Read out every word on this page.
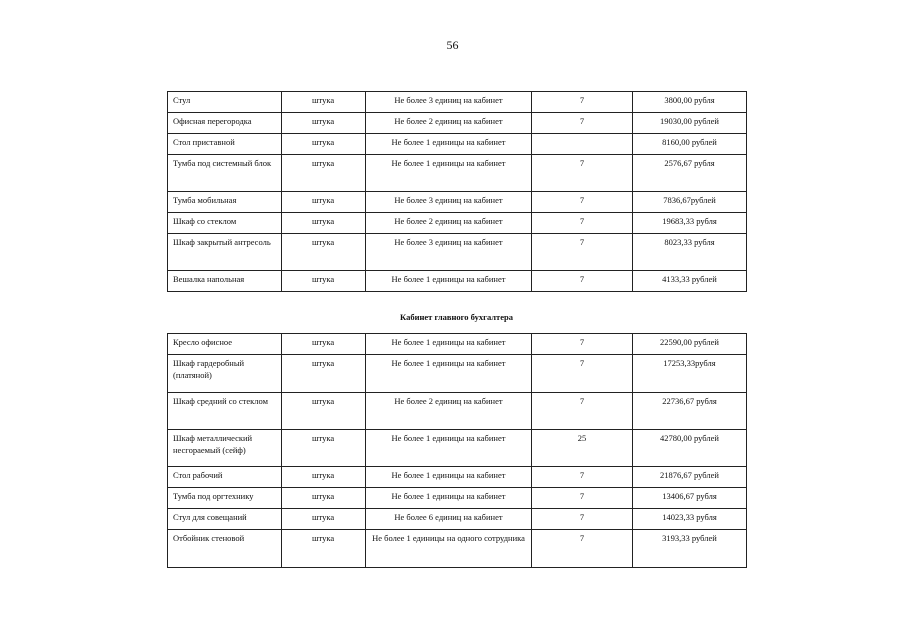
56
Стул	штука	Не более 3 единиц на кабинет	7	3800,00 рубля
Офисная перегородка	штука	Не более 2 единиц на кабинет	7	19030,00 рублей
Стол приставной	штука	Не более 1 единицы на кабинет		8160,00 рублей
Тумба под системный блок	штука	Не более 1 единицы на кабинет	7	2576,67 рубля
Тумба мобильная	штука	Не более 3 единиц на кабинет	7	7836,67рублей
Шкаф со стеклом	штука	Не более 2 единиц на кабинет	7	19683,33 рубля
Шкаф закрытый антресоль	штука	Не более 3 единиц на кабинет	7	8023,33 рубля
Вешалка напольная	штука	Не более 1 единицы на кабинет	7	4133,33 рублей
Кабинет главного бухгалтера
Кресло офисное	штука	Не более 1 единицы на кабинет	7	22590,00 рублей
Шкаф гардеробный (платяной)	штука	Не более 1 единицы на кабинет	7	17253,33рубля
Шкаф средний со стеклом	штука	Не более 2 единиц на кабинет	7	22736,67 рубля
Шкаф металлический несгораемый (сейф)	штука	Не более 1 единицы на кабинет	25	42780,00 рублей
Стол рабочий	штука	Не более 1 единицы на кабинет	7	21876,67 рублей
Тумба под оргтехнику	штука	Не более 1 единицы на кабинет	7	13406,67 рубля
Стул для совещаний	штука	Не более 6 единиц на кабинет	7	14023,33 рубля
Отбойник стеновой	штука	Не более 1 единицы на одного сотрудника	7	3193,33 рублей
